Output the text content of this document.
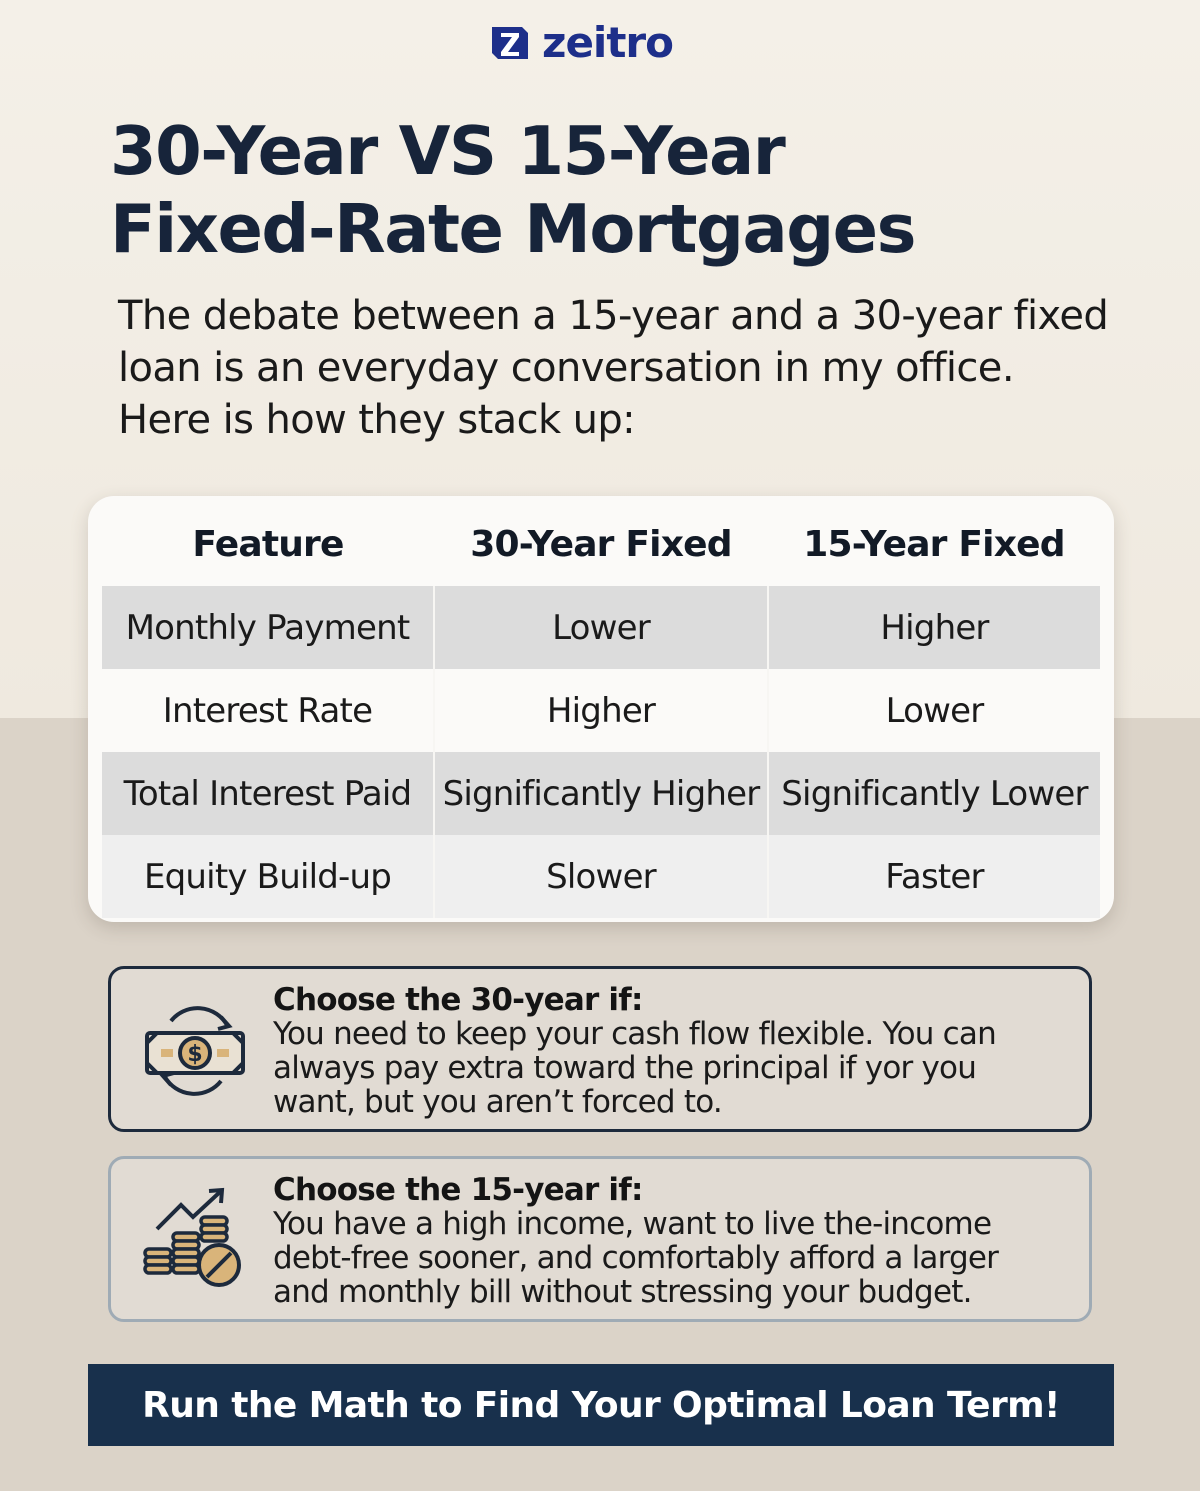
zeitro
30-Year VS 15-Year
Fixed-Rate Mortgages

The debate between a 15-year and a 30-year fixed
loan is an everyday conversation in my office.
Here is how they stack up:

Feature	30-Year Fixed	15-Year Fixed
Monthly Payment	Lower	Higher
Interest Rate	Higher	Lower
Total Interest Paid	Significantly Higher	Significantly Lower
Equity Build-up	Slower	Faster
$
Choose the 30-year if:
You need to keep your cash flow flexible. You can
always pay extra toward the principal if yor you
want, but you aren’t forced to.
Choose the 15-year if:
You have a high income, want to live the-income
debt-free sooner, and comfortably afford a larger
and monthly bill without stressing your budget.
Run the Math to Find Your Optimal Loan Term!
